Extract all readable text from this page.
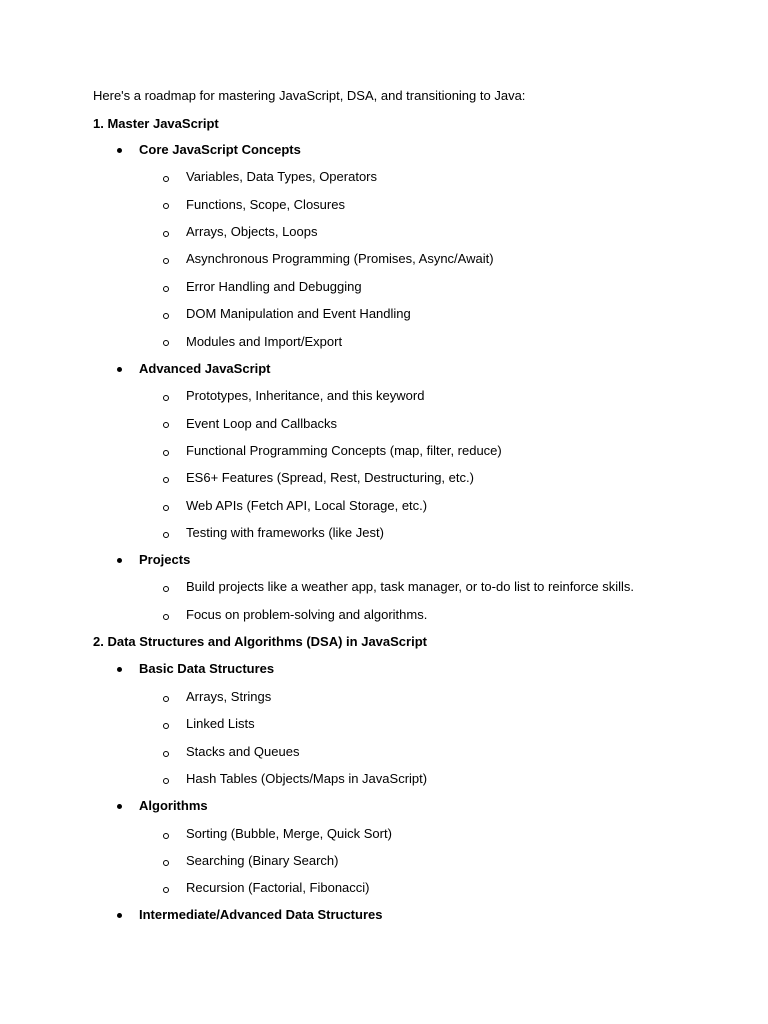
Here's a roadmap for mastering JavaScript, DSA, and transitioning to Java:
1. Master JavaScript
Core JavaScript Concepts
Variables, Data Types, Operators
Functions, Scope, Closures
Arrays, Objects, Loops
Asynchronous Programming (Promises, Async/Await)
Error Handling and Debugging
DOM Manipulation and Event Handling
Modules and Import/Export
Advanced JavaScript
Prototypes, Inheritance, and this keyword
Event Loop and Callbacks
Functional Programming Concepts (map, filter, reduce)
ES6+ Features (Spread, Rest, Destructuring, etc.)
Web APIs (Fetch API, Local Storage, etc.)
Testing with frameworks (like Jest)
Projects
Build projects like a weather app, task manager, or to-do list to reinforce skills.
Focus on problem-solving and algorithms.
2. Data Structures and Algorithms (DSA) in JavaScript
Basic Data Structures
Arrays, Strings
Linked Lists
Stacks and Queues
Hash Tables (Objects/Maps in JavaScript)
Algorithms
Sorting (Bubble, Merge, Quick Sort)
Searching (Binary Search)
Recursion (Factorial, Fibonacci)
Intermediate/Advanced Data Structures
